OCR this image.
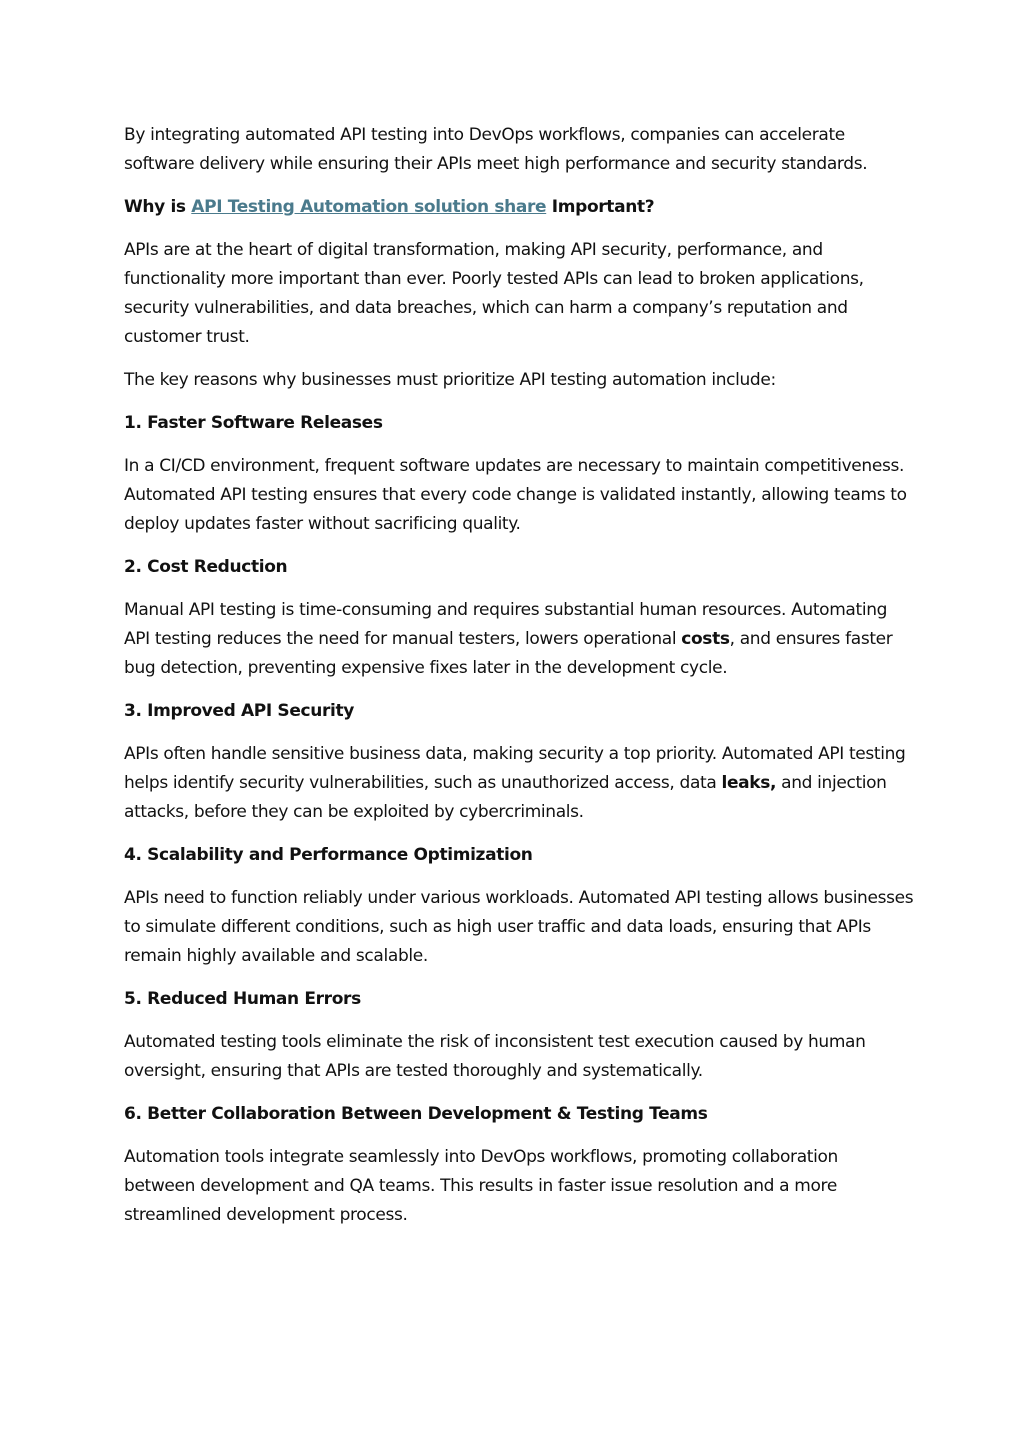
By integrating automated API testing into DevOps workflows, companies can accelerate software delivery while ensuring their APIs meet high performance and security standards.

Why is API Testing Automation solution share Important?

APIs are at the heart of digital transformation, making API security, performance, and functionality more important than ever. Poorly tested APIs can lead to broken applications, security vulnerabilities, and data breaches, which can harm a company’s reputation and customer trust.

The key reasons why businesses must prioritize API testing automation include:

1. Faster Software Releases

In a CI/CD environment, frequent software updates are necessary to maintain competitiveness. Automated API testing ensures that every code change is validated instantly, allowing teams to deploy updates faster without sacrificing quality.

2. Cost Reduction

Manual API testing is time-consuming and requires substantial human resources. Automating API testing reduces the need for manual testers, lowers operational costs, and ensures faster bug detection, preventing expensive fixes later in the development cycle.

3. Improved API Security

APIs often handle sensitive business data, making security a top priority. Automated API testing helps identify security vulnerabilities, such as unauthorized access, data leaks, and injection attacks, before they can be exploited by cybercriminals.

4. Scalability and Performance Optimization

APIs need to function reliably under various workloads. Automated API testing allows businesses to simulate different conditions, such as high user traffic and data loads, ensuring that APIs remain highly available and scalable.

5. Reduced Human Errors

Automated testing tools eliminate the risk of inconsistent test execution caused by human oversight, ensuring that APIs are tested thoroughly and systematically.

6. Better Collaboration Between Development & Testing Teams

Automation tools integrate seamlessly into DevOps workflows, promoting collaboration between development and QA teams. This results in faster issue resolution and a more streamlined development process.
